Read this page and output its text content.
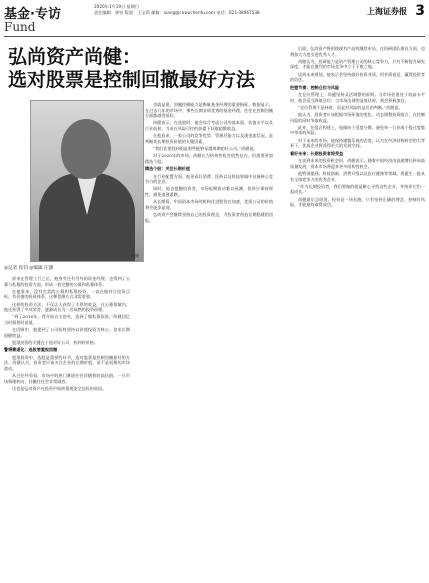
基金·专访
Fund
2020年1月19日 星期日
责任编辑：崔钊 版面：王宝莉 邮箱：xiang@cnwuchenfu.com 电话：021-38967538	上海证券报 3
弘尚资产尚健：
选对股票是控制回撤最好方法
尚健
◎记者 崔钊 ◎编辑 汪潇

原来在管理工行之后，他身旁还有另外的资金经理，也得到了公募与私募的投资方面，形成一套完整的公募和私募体系。

在他看来，没有完美的公募和私募投资，一直在做符合投资目标，有价值的投资体系，这种思维方式非常重要。

这样的投资方法，不仅让人获得了丰厚的收益，在公募领域内，他还获得了多项荣誉，逐渐成长为一名成熟的投资经理。

“到了2016年，我开始自主创业，选择了做私募投资。”尚健回忆当时情景时说道。

在回顾中，他提到了公司始终坚持以价值投资为核心，追求长期稳健收益。

股票投资的关键在于选对好公司、找到好价格。

警惕赛道化：选股要重视回撤

股票投资中，选股是重要的环节，选对股票是控制回撤最好的方法。尚健认为，投资者应该关注企业的长期价值，而不是短期的市场波动。

从过往经验看，市场中的热门赛道往往伴随着较高估值，一旦市场情绪转向，回撤往往会非常剧烈。

这也是弘尚资产在投资中始终重视安全边际的原因。

也就是说，回撤控制能力是衡量基金经理的重要指标。数据显示，在过去几年的市场中，那些长期业绩优秀的基金经理，往往在控制回撤方面都做得很好。

尚健表示，在选股时，他会综合考虑公司的基本面、估值水平以及行业前景，力求在风险可控的前提下获取超额收益。

在他看来，一家公司的竞争优势、管理层能力以及现金流状况，是判断其长期投资价值的关键因素。

“我们希望找到的是那些能够穿越周期的好公司。”尚健说。

对于2020年的市场，尚健认为结构性机会依然存在，但需要更加精选个股。

精选个股：关注长期价值

在行业配置方面，他更看好消费、医药以及科技领域中具备核心竞争力的企业。

同时，他也提醒投资者，市场短期波动难以预测，投资应保持理性，避免追涨杀跌。

从长期看，中国资本市场的机构化进程仍在加速，优质公司的价值将会逐步显现。

弘尚资产会继续坚持自己的投资理念，为投资者创造长期稳健的回报。

后面，弘尚资产将围绕现有产品线继续布局，在投研团队建设方面，也将加大力度引进优秀人才。

尚健认为，投研能力是资产管理公司的核心竞争力，只有不断提升研究深度，才能在激烈的市场竞争中立于不败之地。

谈到未来规划，他表示会坚持做好投资业绩，用业绩说话，赢得投资者的信任。

把握节奏：控制仓位与风险

在仓位管理上，尚健坚持灵活调整的原则。当市场估值处于较高水平时，他会适当降低仓位；当市场出现明显低估时，则会积极加仓。

“仓位管理不是择时，而是对风险收益比的判断。”尚健说。

他认为，投资者应该根据市场环境的变化，动态调整投资组合，在控制风险的同时争取收益。

此外，在组合构建上，他倾向于适度分散，避免单一行业或个股过度集中带来的风险。

对于未来的市场，他保持谨慎乐观的态度，认为在经济结构转型的大背景下，优质企业将获得更大的发展空间。

看好未来：长期投资者将受益

在谈到未来的投资机会时，尚健表示，随着中国经济由高速增长转向高质量发展，资本市场将迎来更多结构性机会。

他特别提到，科技创新、消费升级以及医疗健康等领域，将诞生一批具有全球竞争力的优秀企业。

“作为长期投资者，我们要做的就是耐心寻找这些企业，并陪伴它们一起成长。”

尚健最后总结说，投资是一场长跑，只有坚持正确的理念，控制好风险，才能最终取得成功。
